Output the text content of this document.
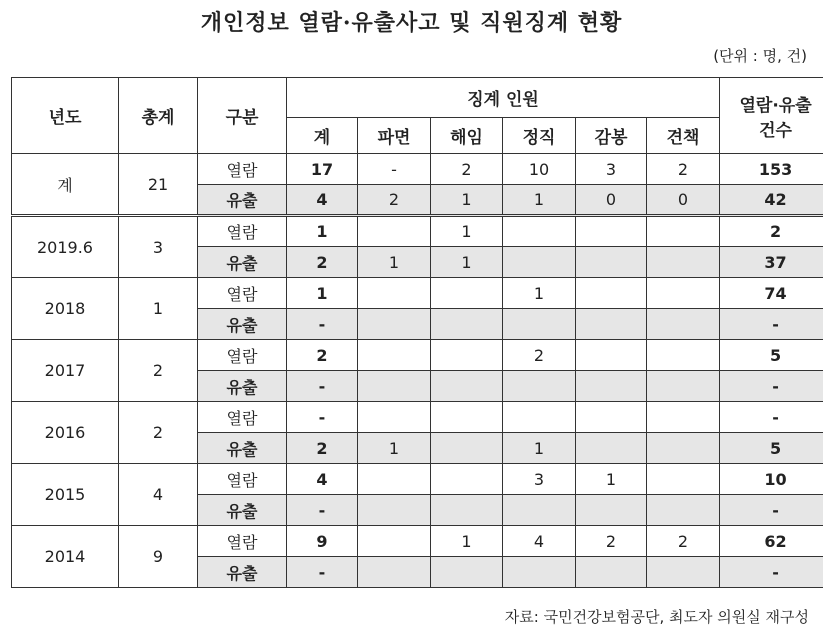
개인정보 열람·유출사고 및 직원징계 현황
(단위 : 명, 건)
년도	총계	구분	징계 인원						열람·유출
건수

			계	파면	해임	정직	감봉	견책	
계	21	열람	17	-	2	10	3	2	153
		유출	4	2	1	1	0	0	42
2019.6	3	열람	1		1				2
		유출	2	1	1				37
2018	1	열람	1			1			74
		유출	-						-
2017	2	열람	2			2			5
		유출	-						-
2016	2	열람	-						-
		유출	2	1		1			5
2015	4	열람	4			3	1		10
		유출	-						-
2014	9	열람	9		1	4	2	2	62
		유출	-						-
자료: 국민건강보험공단, 최도자 의원실 재구성
